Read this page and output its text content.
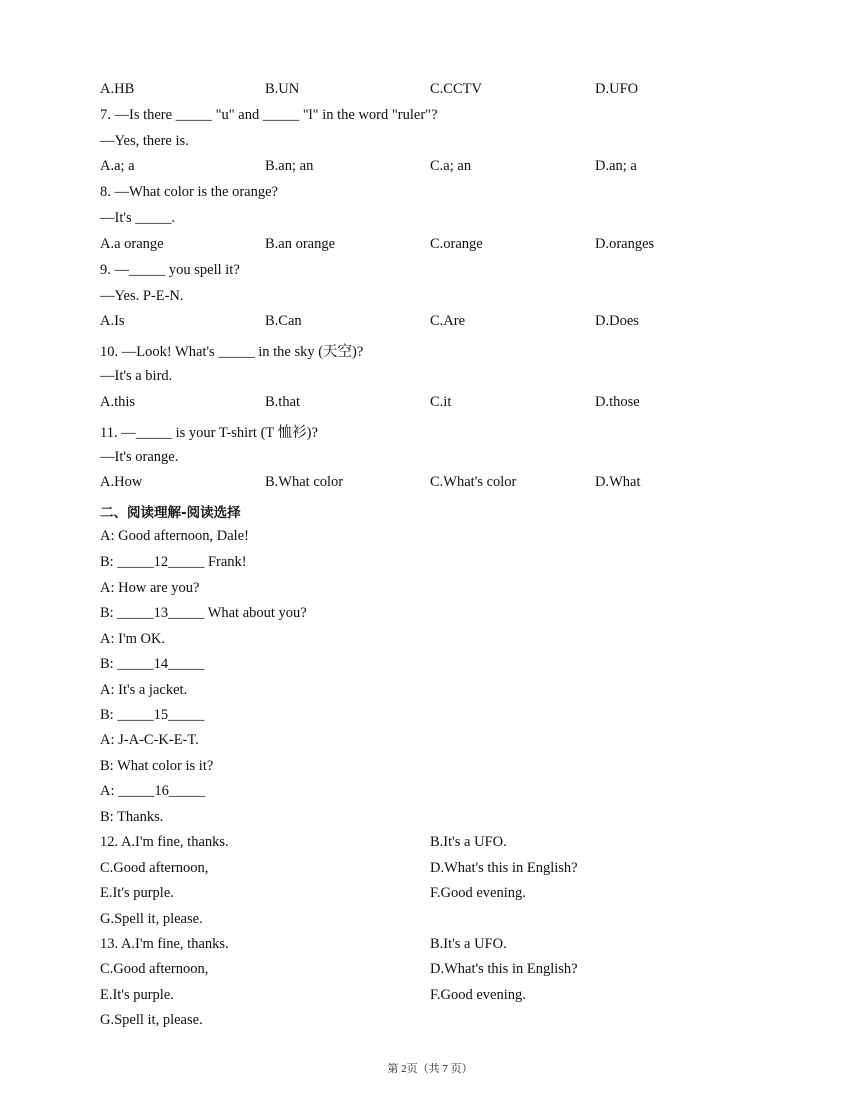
A.HB	B.UN	C.CCTV	D.UFO
7. —Is there _____ "u" and _____ "l" in the word "ruler"?
—Yes, there is.
A.a; a	B.an; an	C.a; an	D.an; a
8. —What color is the orange?
—It's _____.
A.a orange	B.an orange	C.orange	D.oranges
9. —_____ you spell it?
—Yes. P-E-N.
A.Is	B.Can	C.Are	D.Does
10. —Look! What's _____ in the sky (天空)?
—It's a bird.
A.this	B.that	C.it	D.those
11. —_____ is your T-shirt (T 恤衫)?
—It's orange.
A.How	B.What color	C.What's color	D.What
二、阅读理解-阅读选择
A: Good afternoon, Dale!
B: _____12_____ Frank!
A: How are you?
B: _____13_____ What about you?
A: I'm OK.
B: _____14_____
A: It's a jacket.
B: _____15_____
A: J-A-C-K-E-T.
B: What color is it?
A: _____16_____
B: Thanks.
12. A.I'm fine, thanks.	B.It's a UFO.
C.Good afternoon,	D.What's this in English?
E.It's purple.	F.Good evening.
G.Spell it, please.
13. A.I'm fine, thanks.	B.It's a UFO.
C.Good afternoon,	D.What's this in English?
E.It's purple.	F.Good evening.
G.Spell it, please.
第 2页（共 7 页）
